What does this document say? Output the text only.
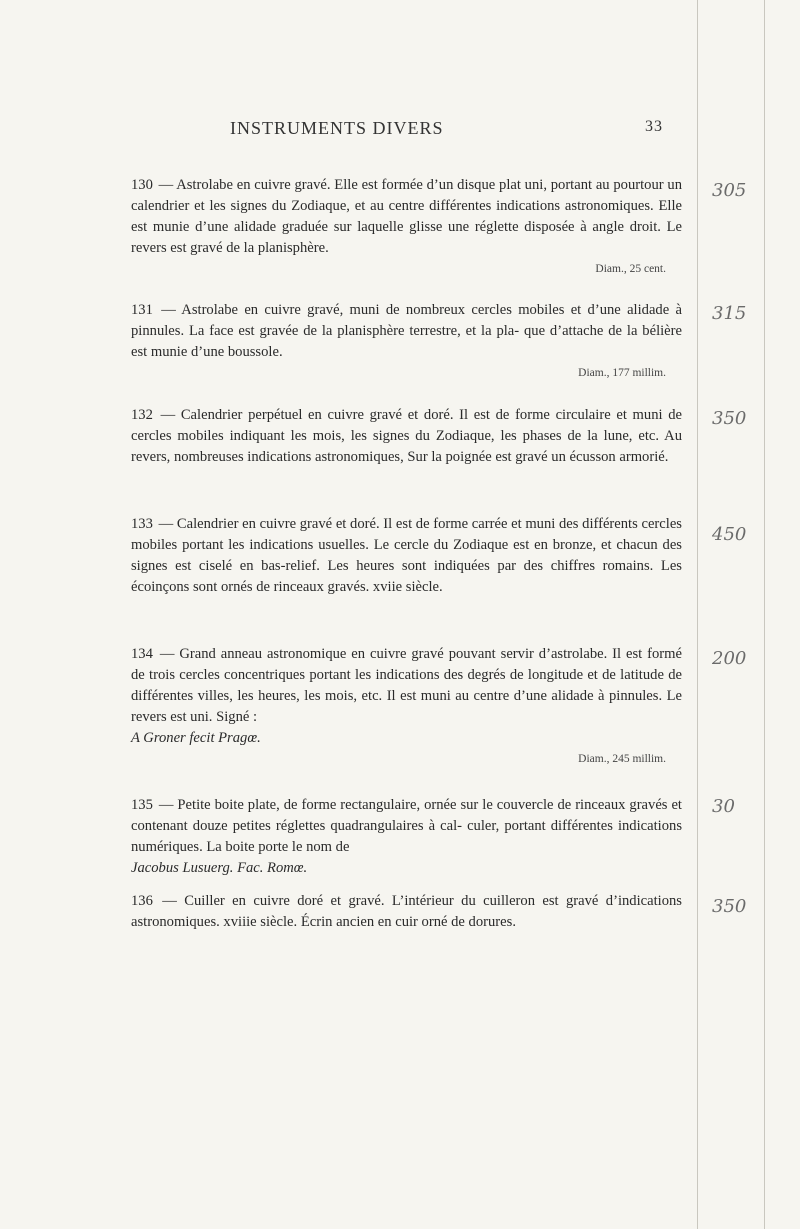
INSTRUMENTS DIVERS	33
130 — Astrolabe en cuivre gravé. Elle est formée d’un disque plat uni, portant au pourtour un calendrier et les signes du Zodiaque, et au centre différentes indications astronomiques. Elle est munie d’une alidade graduée sur laquelle glisse une réglette disposée à angle droit. Le revers est gravé de la planisphère.
Diam., 25 cent.
305
131 — Astrolabe en cuivre gravé, muni de nombreux cercles mobiles et d’une alidade à pinnules. La face est gravée de la planisphère terrestre, et la pla- que d’attache de la bélière est munie d’une boussole.
Diam., 177 millim.
315
132 — Calendrier perpétuel en cuivre gravé et doré. Il est de forme circulaire et muni de cercles mobiles indiquant les mois, les signes du Zodiaque, les phases de la lune, etc. Au revers, nombreuses indications astronomiques, Sur la poignée est gravé un écusson armorié.
350
133 — Calendrier en cuivre gravé et doré. Il est de forme carrée et muni des différents cercles mobiles portant les indications usuelles. Le cercle du Zodiaque est en bronze, et chacun des signes est ciselé en bas-relief. Les heures sont indiquées par des chiffres romains. Les écoinçons sont ornés de rinceaux gravés. xviie siècle.
450
134 — Grand anneau astronomique en cuivre gravé pouvant servir d’astrolabe. Il est formé de trois cercles concentriques portant les indications des degrés de longitude et de latitude de différentes villes, les heures, les mois, etc. Il est muni au centre d’une alidade à pinnules. Le revers est uni. Signé :
A Groner fecit Pragœ.
Diam., 245 millim.
200
135 — Petite boite plate, de forme rectangulaire, ornée sur le couvercle de rinceaux gravés et contenant douze petites réglettes quadrangulaires à cal- culer, portant différentes indications numériques. La boite porte le nom de
Jacobus Lusuerg. Fac. Romœ.
30
136 — Cuiller en cuivre doré et gravé. L’intérieur du cuilleron est gravé d’indications astronomiques. xviiie siècle. Écrin ancien en cuir orné de dorures.
350
